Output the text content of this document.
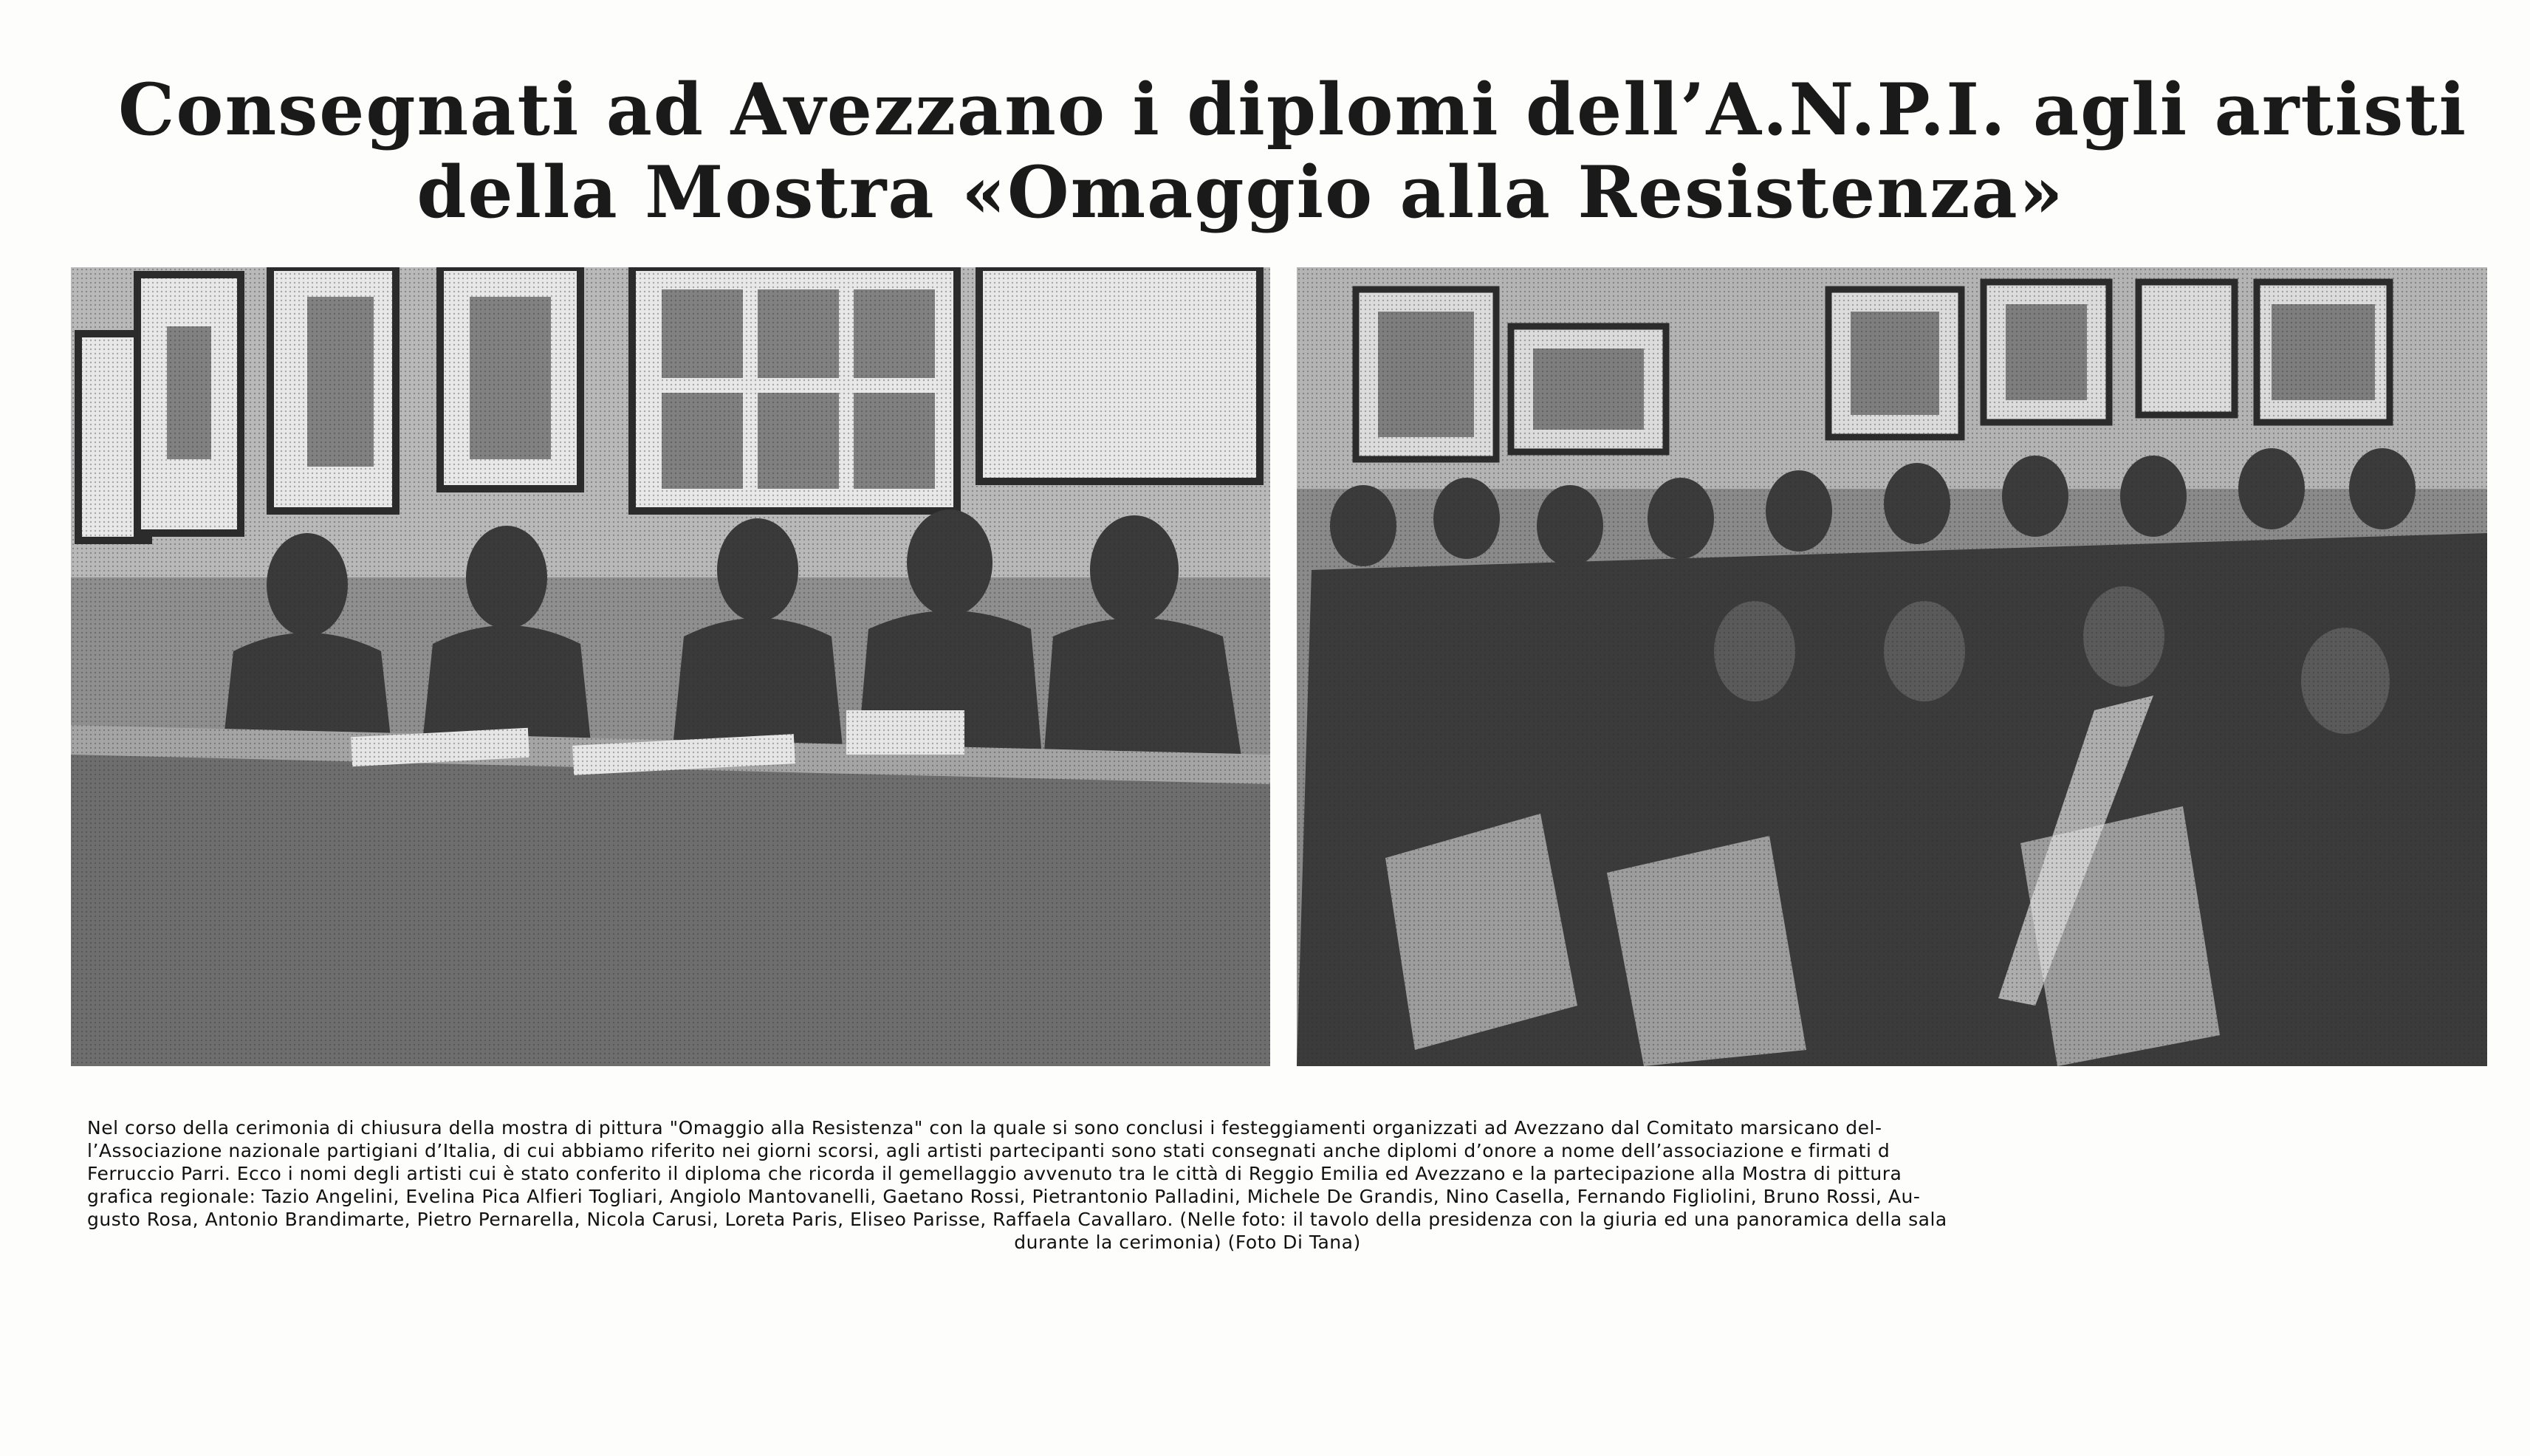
Consegnati ad Avezzano i diplomi dell’A.N.P.I. agli artisti
della Mostra «Omaggio alla Resistenza»
Nel corso della cerimonia di chiusura della mostra di pittura "Omaggio alla Resistenza" con la quale si sono conclusi i festeggiamenti organizzati ad Avezzano dal Comitato marsicano del-
l’Associazione nazionale partigiani d’Italia, di cui abbiamo riferito nei giorni scorsi, agli artisti partecipanti sono stati consegnati anche diplomi d’onore a nome dell’associazione e firmati d
Ferruccio Parri. Ecco i nomi degli artisti cui è stato conferito il diploma che ricorda il gemellaggio avvenuto tra le città di Reggio Emilia ed Avezzano e la partecipazione alla Mostra di pittura
grafica regionale: Tazio Angelini, Evelina Pica Alfieri Togliari, Angiolo Mantovanelli, Gaetano Rossi, Pietrantonio Palladini, Michele De Grandis, Nino Casella, Fernando Figliolini, Bruno Rossi, Au-
gusto Rosa, Antonio Brandimarte, Pietro Pernarella, Nicola Carusi, Loreta Paris, Eliseo Parisse, Raffaela Cavallaro. (Nelle foto: il tavolo della presidenza con la giuria ed una panoramica della sala
durante la cerimonia) (Foto Di Tana)
